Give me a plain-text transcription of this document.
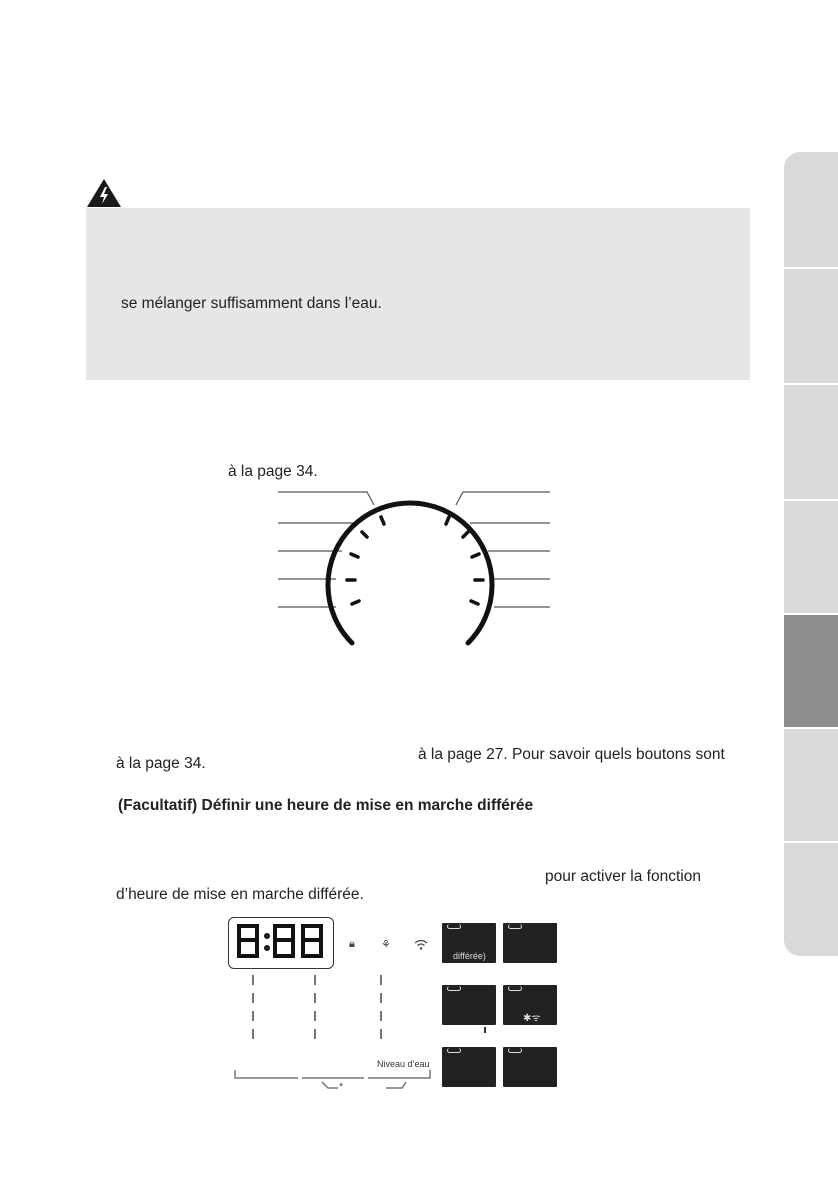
se mélanger suffisamment dans l’eau.
à la page 34.
à la page 27. Pour savoir quels boutons sont
à la page 34.
(Facultatif) Définir une heure de mise en marche différée
pour activer la fonction
d’heure de mise en marche différée.
🔒︎ ⚘
*
Niveau d’eau
différée)
✱ᯤ
